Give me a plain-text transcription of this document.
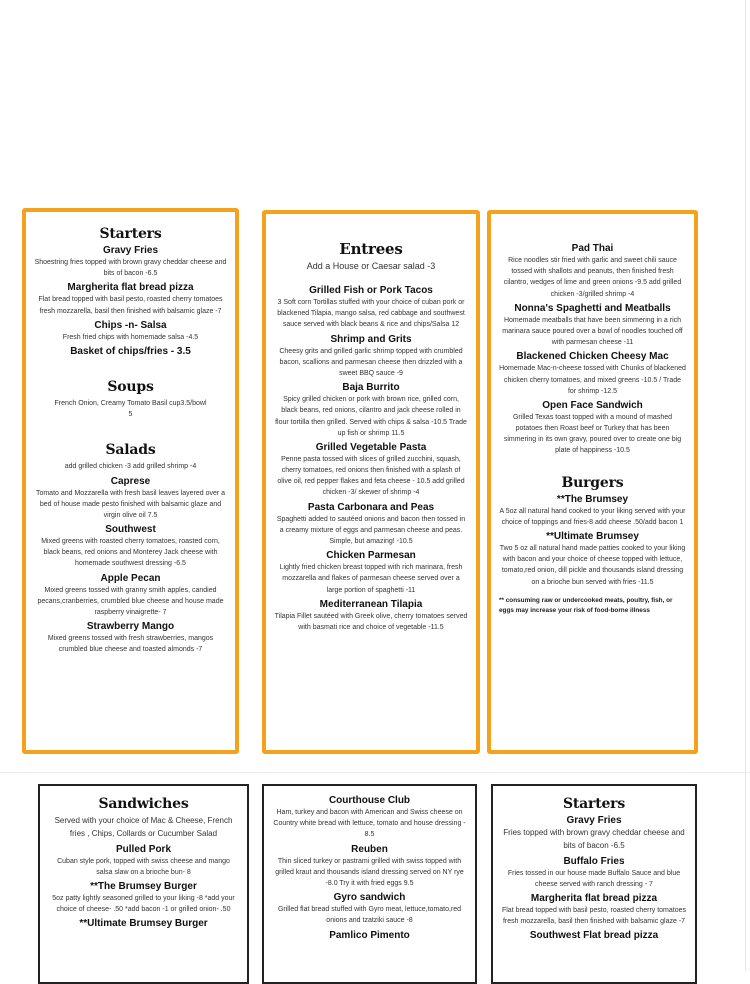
Starters
Gravy Fries
Shoestring fries topped with brown gravy cheddar cheese and bits of bacon -6.5
Margherita flat bread pizza
Flat bread topped with basil pesto, roasted cherry tomatoes fresh mozzarella, basil then finished with balsamic glaze -7
Chips -n- Salsa
Fresh fried chips with homemade salsa -4.5
Basket of chips/fries - 3.5
Soups
French Onion, Creamy Tomato Basil cup3.5/bowl 5
Salads
add grilled chicken -3 add grilled shrimp -4
Caprese
Tomato and Mozzarella with fresh basil leaves layered over a bed of house made pesto finished with balsamic glaze and virgin olive oil 7.5
Southwest
Mixed greens with roasted cherry tomatoes, roasted corn, black beans, red onions and Monterey Jack cheese with homemade southwest dressing -6.5
Apple Pecan
Mixed greens tossed with granny smith apples, candied pecans,cranberries, crumbled blue cheese and house made raspberry vinaigrette- 7
Strawberry Mango
Mixed greens tossed with fresh strawberries, mangos crumbled blue cheese and toasted almonds -7
Entrees
Add a House or Caesar salad -3
Grilled Fish or Pork Tacos
3 Soft corn Tortillas stuffed with your choice of cuban pork or blackened Tilapia, mango salsa, red cabbage and southwest sauce served with black beans & rice and chips/Salsa 12
Shrimp and Grits
Cheesy grits and grilled garlic shrimp topped with crumbled bacon, scallions and parmesan cheese then drizzled with a sweet BBQ sauce -9
Baja Burrito
Spicy grilled chicken or pork with brown rice, grilled corn, black beans, red onions, cilantro and jack cheese rolled in flour tortilla then grilled. Served with chips & salsa -10.5 Trade up fish or shrimp 11.5
Grilled Vegetable Pasta
Penne pasta tossed with slices of grilled zucchini, squash, cherry tomatoes, red onions then finished with a splash of olive oil, red pepper flakes and feta cheese - 10.5 add grilled chicken -3/ skewer of shrimp -4
Pasta Carbonara and Peas
Spaghetti added to sautéed onions and bacon then tossed in a creamy mixture of eggs and parmesan cheese and peas. Simple, but amazing! -10.5
Chicken Parmesan
Lightly fried chicken breast topped with rich marinara, fresh mozzarella and flakes of parmesan cheese served over a large portion of spaghetti -11
Mediterranean Tilapia
Tilapia Fillet sautéed with Greek olive, cherry tomatoes served with basmati rice and choice of vegetable -11.5
Pad Thai
Rice noodles stir fried with garlic and sweet chili sauce tossed with shallots and peanuts, then finished fresh cilantro, wedges of lime and green onions -9.5 add grilled chicken -3/grilled shrimp -4
Nonna's Spaghetti and Meatballs
Homemade meatballs that have been simmering in a rich marinara sauce poured over a bowl of noodles touched off with parmesan cheese -11
Blackened Chicken Cheesy Mac
Homemade Mac-n-cheese tossed with Chunks of blackened chicken cherry tomatoes, and mixed greens -10.5 / Trade for shrimp -12.5
Open Face Sandwich
Grilled Texas toast topped with a mound of mashed potatoes then Roast beef or Turkey that has been simmering in its own gravy, poured over to create one big plate of happiness -10.5
Burgers
**The Brumsey
A 5oz all natural hand cooked to your liking served with your choice of toppings and fries-8 add cheese .50/add bacon 1
**Ultimate Brumsey
Two 5 oz all natural hand made patties cooked to your liking with bacon and your choice of cheese topped with lettuce, tomato,red onion, dill pickle and thousands island dressing on a brioche bun served with fries -11.5
** consuming raw or undercooked meats, poultry, fish, or eggs may increase your risk of food-borne illness
Sandwiches
Served with your choice of Mac & Cheese, French fries , Chips, Collards or Cucumber Salad
Pulled Pork
Cuban style pork, topped with swiss cheese and mango salsa slaw on a brioche bun- 8
**The Brumsey Burger
5oz patty lightly seasoned grilled to your liking -8 *add your choice of cheese- .50 *add bacon -1 or grilled onion- .50
**Ultimate Brumsey Burger
Courthouse Club
Ham, turkey and bacon with American and Swiss cheese on Country white bread with lettuce, tomato and house dressing - 8.5
Reuben
Thin sliced turkey or pastrami grilled with swiss topped with grilled kraut and thousands island dressing served on NY rye -8.0 Try it with fried eggs 9.5
Gyro sandwich
Grilled flat bread stuffed with Gyro meat, lettuce,tomato,red onions and tzatziki sauce -8
Pamlico Pimento
Starters
Gravy Fries
Fries topped with brown gravy cheddar cheese and bits of bacon -6.5
Buffalo Fries
Fries tossed in our house made Buffalo Sauce and blue cheese served with ranch dressing - 7
Margherita flat bread pizza
Flat bread topped with basil pesto, roasted cherry tomatoes fresh mozzarella, basil then finished with balsamic glaze -7
Southwest Flat bread pizza
